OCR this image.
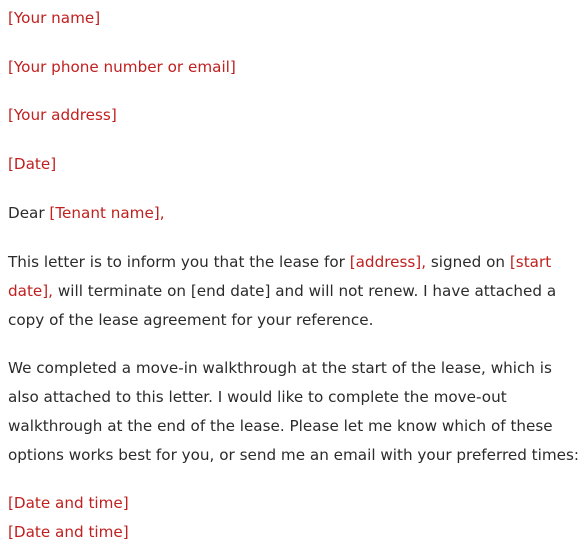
[Your name]
[Your phone number or email]
[Your address]
[Date]
Dear [Tenant name],
This letter is to inform you that the lease for [address], signed on [start
date], will terminate on [end date] and will not renew. I have attached a
copy of the lease agreement for your reference.
We completed a move-in walkthrough at the start of the lease, which is
also attached to this letter. I would like to complete the move-out
walkthrough at the end of the lease. Please let me know which of these
options works best for you, or send me an email with your preferred times:
[Date and time]
[Date and time]
